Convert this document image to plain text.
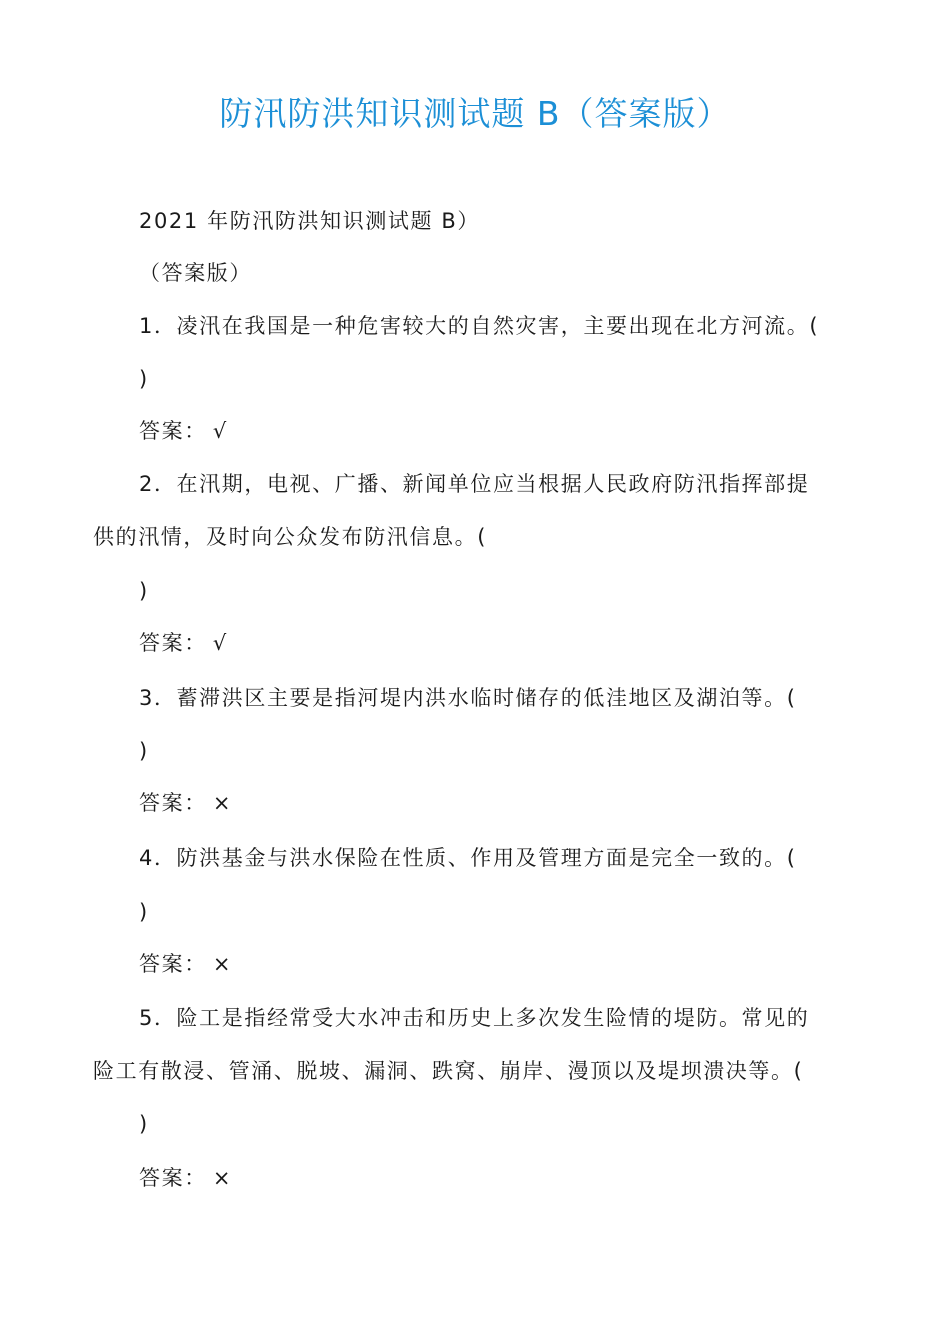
防汛防洪知识测试题 B（答案版）
2021 年防汛防洪知识测试题 B）
（答案版）
1．凌汛在我国是一种危害较大的自然灾害，主要出现在北方河流。(
)
答案： √
2．在汛期，电视、广播、新闻单位应当根据人民政府防汛指挥部提
供的汛情，及时向公众发布防汛信息。(
)
答案： √
3．蓄滞洪区主要是指河堤内洪水临时储存的低洼地区及湖泊等。(
)
答案： ×
4．防洪基金与洪水保险在性质、作用及管理方面是完全一致的。(
)
答案： ×
5．险工是指经常受大水冲击和历史上多次发生险情的堤防。常见的
险工有散浸、管涌、脱坡、漏洞、跌窝、崩岸、漫顶以及堤坝溃决等。(
)
答案： ×
